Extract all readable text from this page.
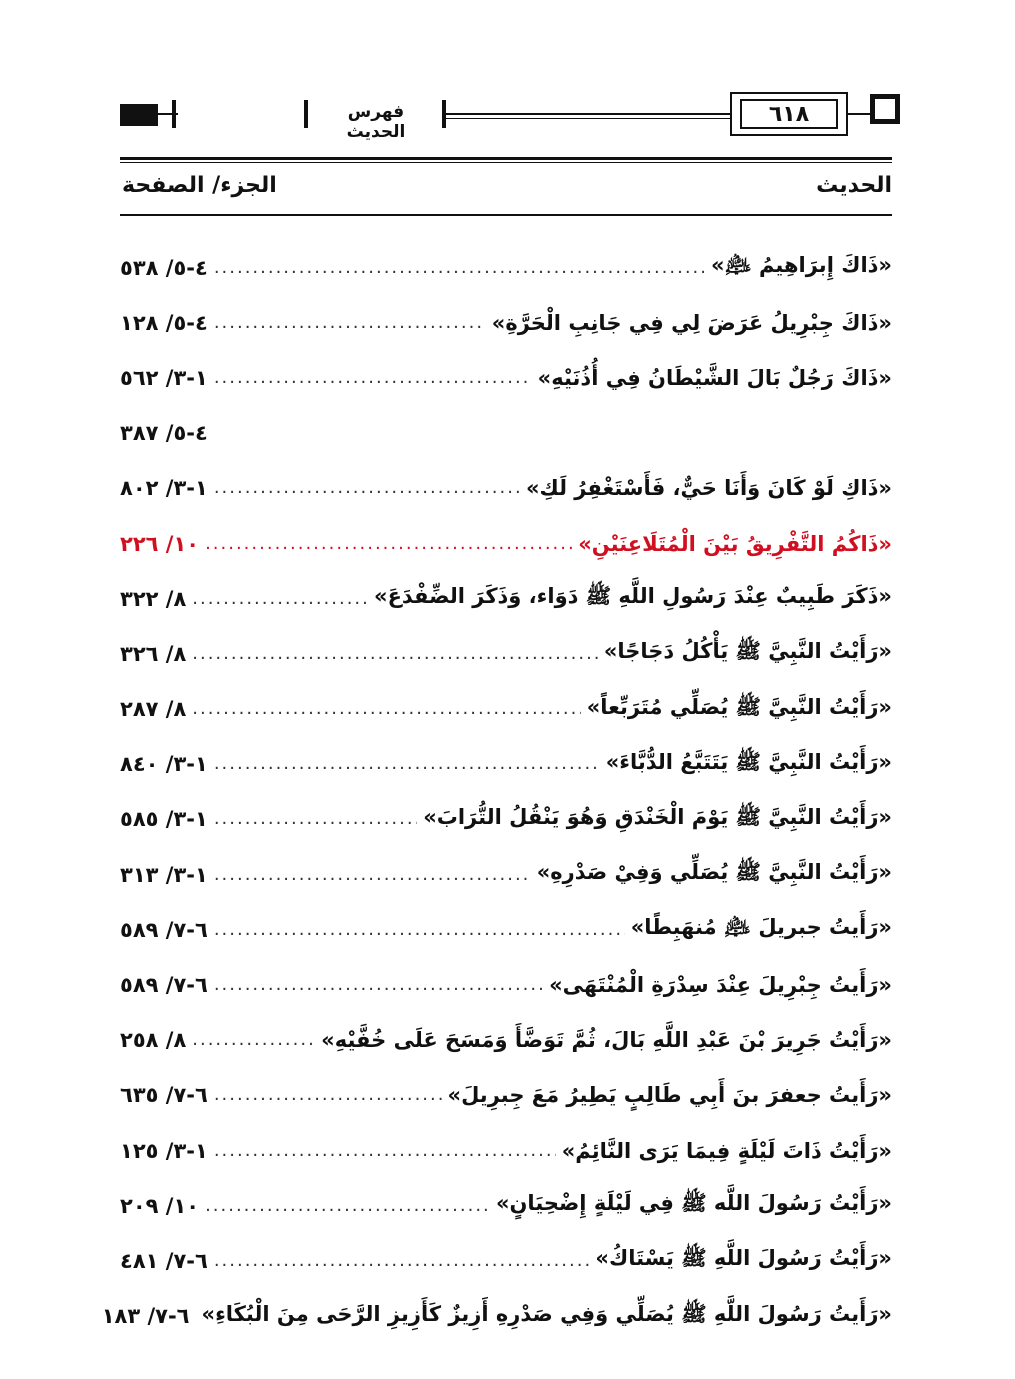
فهرس الحديث
٦١٨
الحديث
الجزء/ الصفحة
«ذَاكَ إِبرَاهِيمُ ﵇»
.....
٤-٥/ ٥٣٨
«ذَاكَ جِبْرِيلُ عَرَضَ لِي فِي جَانِبِ الْحَرَّةِ»
.....
٤-٥/ ١٢٨
«ذَاكَ رَجُلٌ بَالَ الشَّيْطَانُ فِي أُذُنَيْهِ»
.....
١-٣/ ٥٦٢
٤-٥/ ٣٨٧
«ذَاكِ لَوْ كَانَ وَأَنَا حَيٌّ، فَأَسْتَغْفِرُ لَكِ»
.....
١-٣/ ٨٠٢
«ذَاكُمُ التَّفْرِيقُ بَيْنَ الْمُتَلَاعِنَيْنِ»
.....
١٠/ ٢٢٦
«ذَكَرَ طَبِيبٌ عِنْدَ رَسُولِ اللَّهِ ﷺ دَوَاء، وَذَكَرَ الضِّفْدَعَ»
.....
٨/ ٣٢٢
«رَأَيْتُ النَّبِيَّ ﷺ يَأْكُلُ دَجَاجًا»
.....
٨/ ٣٢٦
«رَأَيْتُ النَّبِيَّ ﷺ يُصَلِّي مُتَرَبِّعاً»
.....
٨/ ٢٨٧
«رَأَيْتُ النَّبِيَّ ﷺ يَتَتَبَّعُ الدُّبَّاءَ»
.....
١-٣/ ٨٤٠
«رَأَيْتُ النَّبِيَّ ﷺ يَوْمَ الْخَنْدَقِ وَهُوَ يَنْقُلُ التُّرَابَ»
.....
١-٣/ ٥٨٥
«رَأَيْتُ النَّبِيَّ ﷺ يُصَلِّي وَفِيْ صَدْرِهِ»
.....
١-٣/ ٣١٣
«رَأَيتُ جبريلَ ﵇ مُنهَبِطًا»
.....
٦-٧/ ٥٨٩
«رَأَيتُ جِبْرِيلَ عِنْدَ سِدْرَةِ الْمُنْتَهَى»
.....
٦-٧/ ٥٨٩
«رَأَيْتُ جَرِيرَ بْنَ عَبْدِ اللَّهِ بَالَ، ثُمَّ تَوَضَّأَ وَمَسَحَ عَلَى خُفَّيْهِ»
.....
٨/ ٢٥٨
«رَأَيتُ جعفرَ بنَ أَبِي طَالِبٍ يَطِيرُ مَعَ جِبرِيلَ»
.....
٦-٧/ ٦٣٥
«رَأَيْتُ ذَاتَ لَيْلَةٍ فِيمَا يَرَى النَّائِمُ»
.....
١-٣/ ١٢٥
«رَأَيْتُ رَسُولَ اللَّه ﷺ فِي لَيْلَةٍ إِضْحِيَانٍ»
.....
١٠/ ٢٠٩
«رَأَيْتُ رَسُولَ اللَّهِ ﷺ يَسْتَاكُ»
.....
٦-٧/ ٤٨١
«رَأَيتُ رَسُولَ اللَّهِ ﷺ يُصَلِّي وَفِي صَدْرِهِ أَزِيزٌ كَأَزِيزِ الرَّحَى مِنَ الْبُكَاءِ»
٦-٧/ ١٨٣
